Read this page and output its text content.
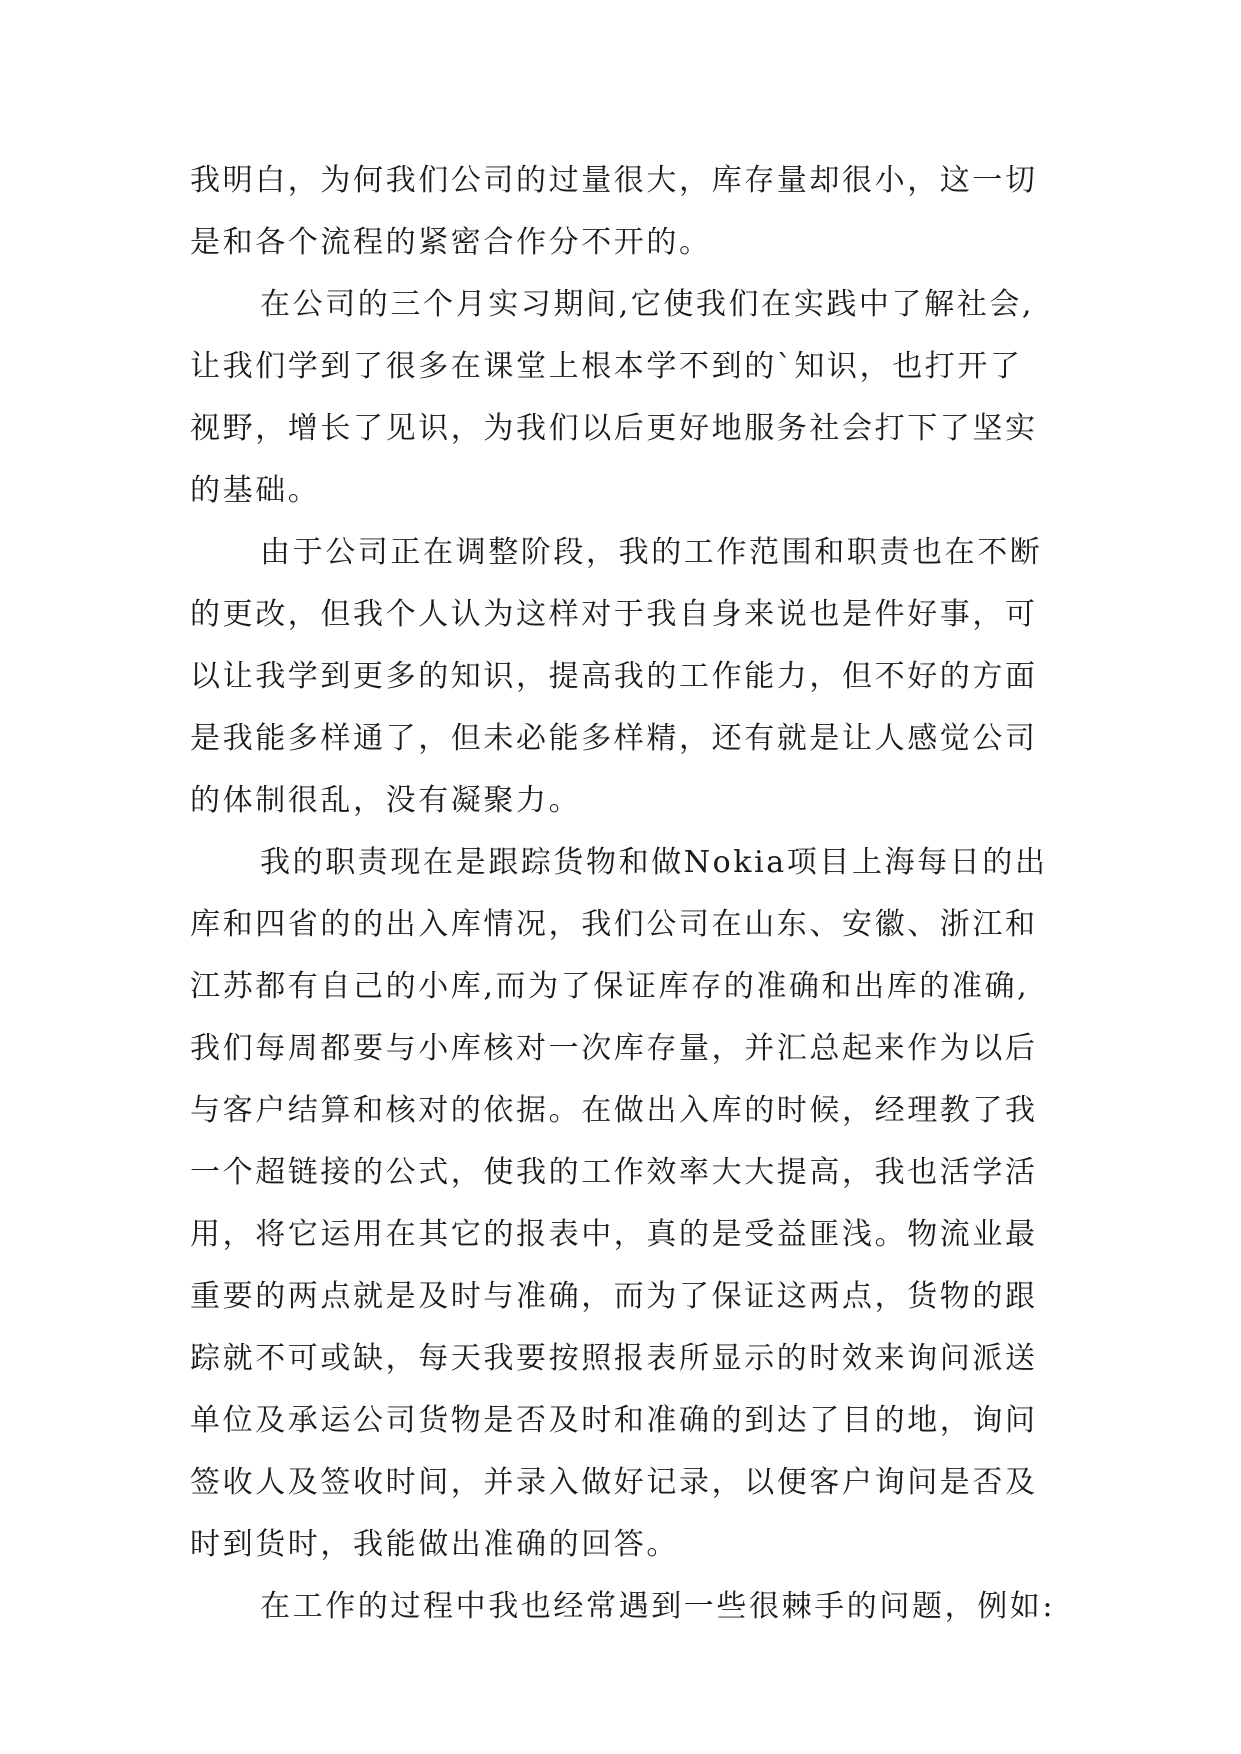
我明白，为何我们公司的过量很大，库存量却很小，这一切
是和各个流程的紧密合作分不开的。
在公司的三个月实习期间,它使我们在实践中了解社会,
让我们学到了很多在课堂上根本学不到的`知识，也打开了
视野，增长了见识，为我们以后更好地服务社会打下了坚实
的基础。
由于公司正在调整阶段，我的工作范围和职责也在不断
的更改，但我个人认为这样对于我自身来说也是件好事，可
以让我学到更多的知识，提高我的工作能力，但不好的方面
是我能多样通了，但未必能多样精，还有就是让人感觉公司
的体制很乱，没有凝聚力。
我的职责现在是跟踪货物和做Nokia项目上海每日的出
库和四省的的出入库情况，我们公司在山东、安徽、浙江和
江苏都有自己的小库,而为了保证库存的准确和出库的准确,
我们每周都要与小库核对一次库存量，并汇总起来作为以后
与客户结算和核对的依据。在做出入库的时候，经理教了我
一个超链接的公式，使我的工作效率大大提高，我也活学活
用，将它运用在其它的报表中，真的是受益匪浅。物流业最
重要的两点就是及时与准确，而为了保证这两点，货物的跟
踪就不可或缺，每天我要按照报表所显示的时效来询问派送
单位及承运公司货物是否及时和准确的到达了目的地，询问
签收人及签收时间，并录入做好记录，以便客户询问是否及
时到货时，我能做出准确的回答。
在工作的过程中我也经常遇到一些很棘手的问题，例如:
